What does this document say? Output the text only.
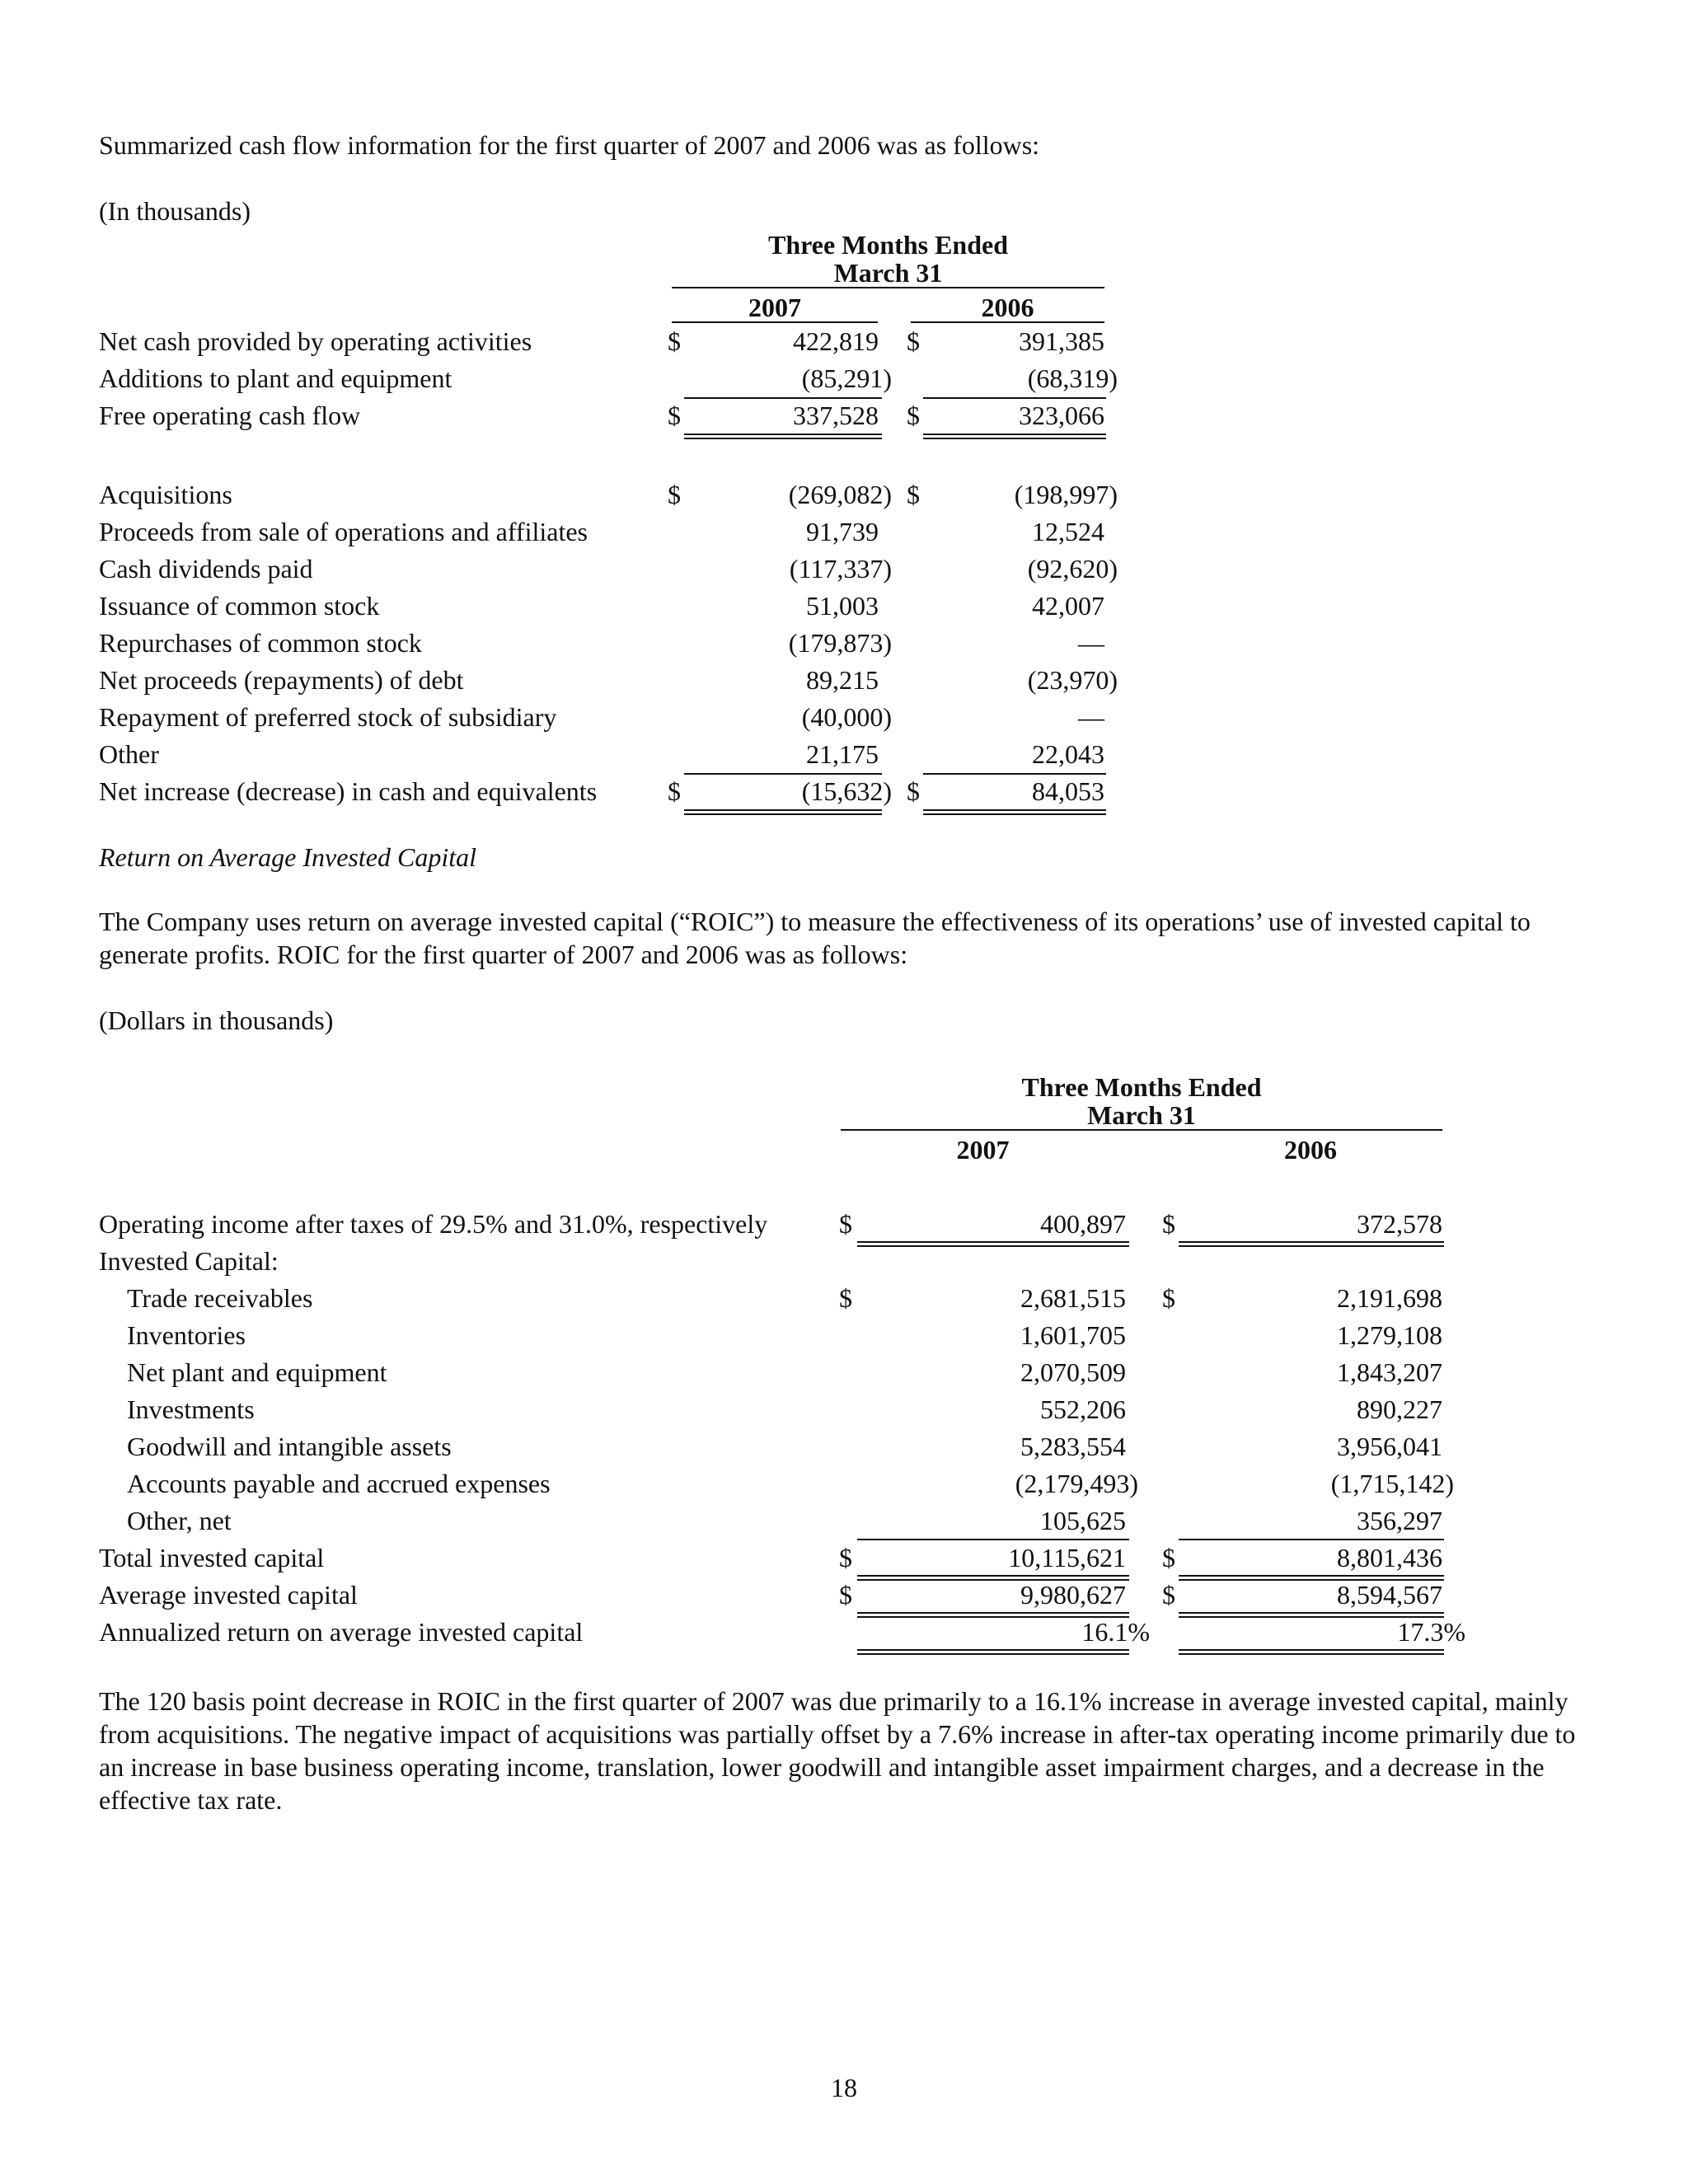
Summarized cash flow information for the first quarter of 2007 and 2006 was as follows:

(In thousands)

Three Months Ended
March 31
2007	2006
Net cash provided by operating activities	$	422,819 $	391,385
Additions to plant and equipment	(85,291)	(68,319)
Free operating cash flow	$	337,528 $	323,066
Acquisitions	$	(269,082) $	(198,997)
Proceeds from sale of operations and affiliates	91,739	12,524
Cash dividends paid	(117,337)	(92,620)
Issuance of common stock	51,003	42,007
Repurchases of common stock	(179,873)	—
Net proceeds (repayments) of debt	89,215	(23,970)
Repayment of preferred stock of subsidiary	(40,000)	—
Other	21,175	22,043
Net increase (decrease) in cash and equivalents	$	(15,632) $	84,053

Return on Average Invested Capital

The Company uses return on average invested capital (“ROIC”) to measure the effectiveness of its operations’ use of invested capital to generate profits. ROIC for the first quarter of 2007 and 2006 was as follows:

(Dollars in thousands)

Three Months Ended
March 31
2007	2006
Operating income after taxes of 29.5% and 31.0%, respectively	$	400,897 $	372,578
Invested Capital:
Trade receivables	$	2,681,515 $	2,191,698
Inventories	1,601,705	1,279,108
Net plant and equipment	2,070,509	1,843,207
Investments	552,206	890,227
Goodwill and intangible assets	5,283,554	3,956,041
Accounts payable and accrued expenses	(2,179,493)	(1,715,142)
Other, net	105,625	356,297
Total invested capital	$	10,115,621 $	8,801,436
Average invested capital	$	9,980,627 $	8,594,567
Annualized return on average invested capital	16.1%	17.3%

The 120 basis point decrease in ROIC in the first quarter of 2007 was due primarily to a 16.1% increase in average invested capital, mainly from acquisitions. The negative impact of acquisitions was partially offset by a 7.6% increase in after-tax operating income primarily due to an increase in base business operating income, translation, lower goodwill and intangible asset impairment charges, and a decrease in the effective tax rate.

18
